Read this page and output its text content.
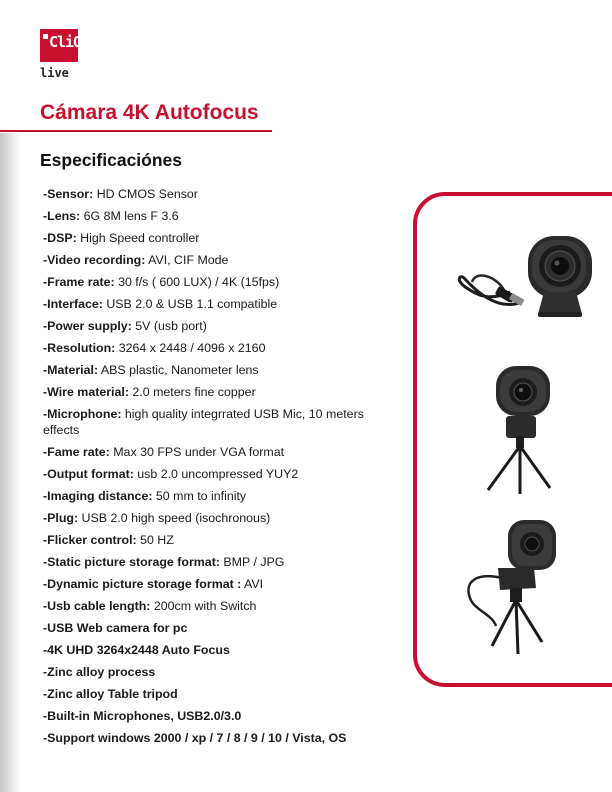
CliO
live
Cámara 4K Autofocus
Especificaciónes
-Sensor: HD CMOS Sensor
-Lens: 6G 8M lens F 3.6
-DSP: High Speed controller
-Video recording: AVI, CIF Mode
-Frame rate: 30 f/s ( 600 LUX) / 4K (15fps)
-Interface: USB 2.0 & USB 1.1 compatible
-Power supply: 5V (usb port)
-Resolution: 3264 x 2448 / 4096 x 2160
-Material: ABS plastic, Nanometer lens
-Wire material: 2.0 meters fine copper
-Microphone: high quality integrrated USB Mic, 10 meters effects
-Fame rate: Max 30 FPS under VGA format
-Output format: usb 2.0 uncompressed YUY2
-Imaging distance: 50 mm to infinity
-Plug: USB 2.0 high speed (isochronous)
-Flicker control: 50 HZ
-Static picture storage format: BMP / JPG
-Dynamic picture storage format : AVI
-Usb cable length: 200cm with Switch
-USB Web camera for pc
-4K UHD 3264x2448 Auto Focus
-Zinc alloy process
-Zinc alloy Table tripod
-Built-in Microphones, USB2.0/3.0
-Support windows 2000 / xp / 7 / 8 / 9 / 10 / Vista, OS
